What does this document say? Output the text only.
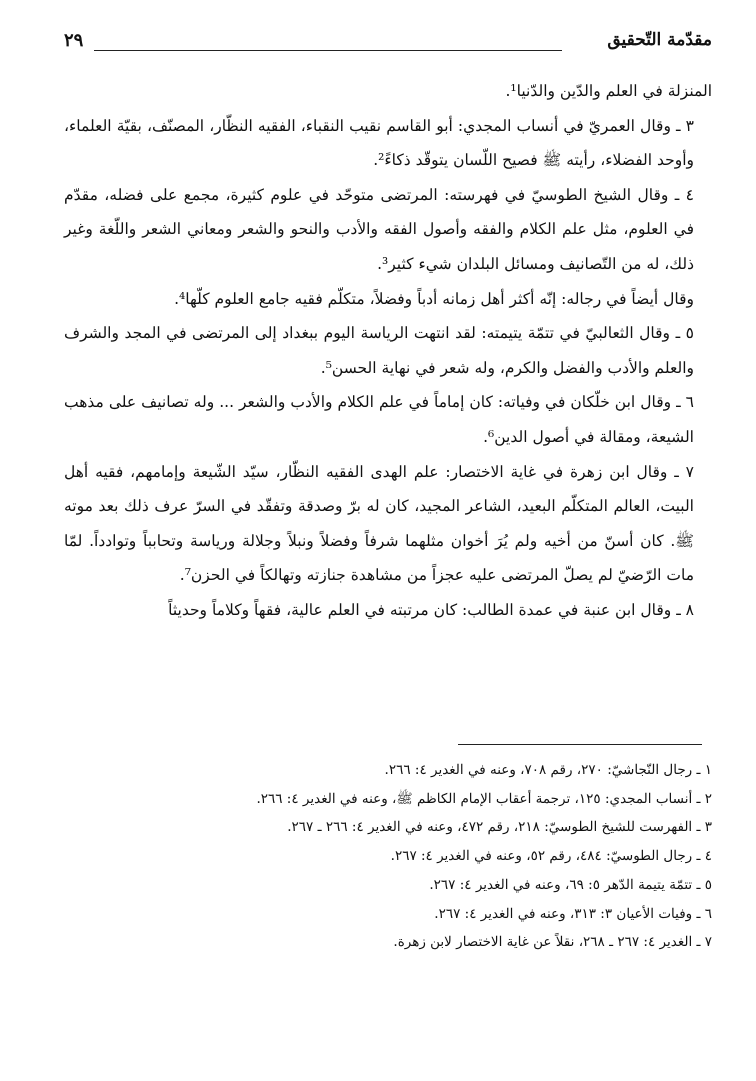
مقدّمة التّحقيق
٢٩

المنزلة في العلم والدّين والدّنيا¹.

٣ ـ وقال العمريّ في أنساب المجدي: أبو القاسم نقيب النقباء، الفقيه النظّار، المصنّف، بقيّة العلماء، وأوحد الفضلاء، رأيته ﷺ فصيح اللّسان يتوقّد ذكاءً².

٤ ـ وقال الشيخ الطوسيّ في فهرسته: المرتضى متوحّد في علوم كثيرة، مجمع على فضله، مقدّم في العلوم، مثل علم الكلام والفقه وأصول الفقه والأدب والنحو والشعر ومعاني الشعر واللّغة وغير ذلك، له من التّصانيف ومسائل البلدان شيء كثير³.

وقال أيضاً في رجاله: إنّه أكثر أهل زمانه أدباً وفضلاً، متكلّم فقيه جامع العلوم كلّها⁴.

٥ ـ وقال الثعالبيّ في تتمّة يتيمته: لقد انتهت الرياسة اليوم ببغداد إلى المرتضى في المجد والشرف والعلم والأدب والفضل والكرم، وله شعر في نهاية الحسن⁵.

٦ ـ وقال ابن خلّكان في وفياته: كان إماماً في علم الكلام والأدب والشعر ... وله تصانيف على مذهب الشيعة، ومقالة في أصول الدين⁶.

٧ ـ وقال ابن زهرة في غاية الاختصار: علم الهدى الفقيه النظّار، سيّد الشّيعة وإمامهم، فقيه أهل البيت، العالم المتكلّم البعيد، الشاعر المجيد، كان له برّ وصدقة وتفقّد في السرّ عرف ذلك بعد موته ﷺ. كان أسنّ من أخيه ولم يُرَ أخوان مثلهما شرفاً وفضلاً ونبلاً وجلالة ورياسة وتحابباً وتوادداً. لمّا مات الرّضيّ لم يصلّ المرتضى عليه عجزاً من مشاهدة جنازته وتهالكاً في الحزن⁷.

٨ ـ وقال ابن عنبة في عمدة الطالب: كان مرتبته في العلم عالية، فقهاً وكلاماً وحديثاً

١ ـ رجال النّجاشيّ: ٢٧٠، رقم ٧٠٨، وعنه في الغدير ٤: ٢٦٦.

٢ ـ أنساب المجدي: ١٢٥، ترجمة أعقاب الإمام الكاظم ﷺ، وعنه في الغدير ٤: ٢٦٦.

٣ ـ الفهرست للشيخ الطوسيّ: ٢١٨، رقم ٤٧٢، وعنه في الغدير ٤: ٢٦٦ ـ ٢٦٧.

٤ ـ رجال الطوسيّ: ٤٨٤، رقم ٥٢، وعنه في الغدير ٤: ٢٦٧.

٥ ـ تتمّة يتيمة الدّهر ٥: ٦٩، وعنه في الغدير ٤: ٢٦٧.

٦ ـ وفيات الأعيان ٣: ٣١٣، وعنه في الغدير ٤: ٢٦٧.

٧ ـ الغدير ٤: ٢٦٧ ـ ٢٦٨، نقلاً عن غاية الاختصار لابن زهرة.
